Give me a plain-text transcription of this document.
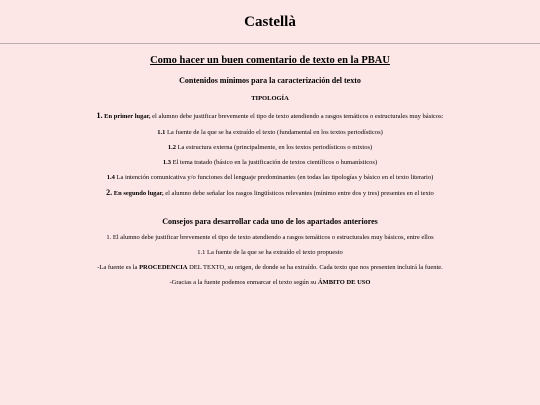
Castellà
Como hacer un buen comentario de texto en la PBAU
Contenidos mínimos para la caracterización del texto
TIPOLOGÍA

1. En primer lugar, el alumno debe justificar brevemente el tipo de texto atendiendo a rasgos temáticos o estructurales muy básicos:

1.1 La fuente de la que se ha extraído el texto (fundamental en los textos periodísticos)

1.2 La estructura externa (principalmente, en los textos periodísticos o mixtos)

1.3 El tema tratado (básico en la justificación de textos científicos o humanísticos)

1.4 La intención comunicativa y/o funciones del lenguaje predominantes (en todas las tipologías y básico en el texto literario)

2. En segundo lugar, el alumno debe señalar los rasgos lingüísticos relevantes (mínimo entre dos y tres) presentes en el texto

Consejos para desarrollar cada uno de los apartados anteriores

1. El alumno debe justificar brevemente el tipo de texto atendiendo a rasgos temáticos o estructurales muy básicos, entre ellos

1.1 La fuente de la que se ha extraído el texto propuesto

-La fuente es la PROCEDENCIA DEL TEXTO, su origen, de donde se ha extraído. Cada texto que nos presenten incluirá la fuente.

-Gracias a la fuente podemos enmarcar el texto según su ÁMBITO DE USO
